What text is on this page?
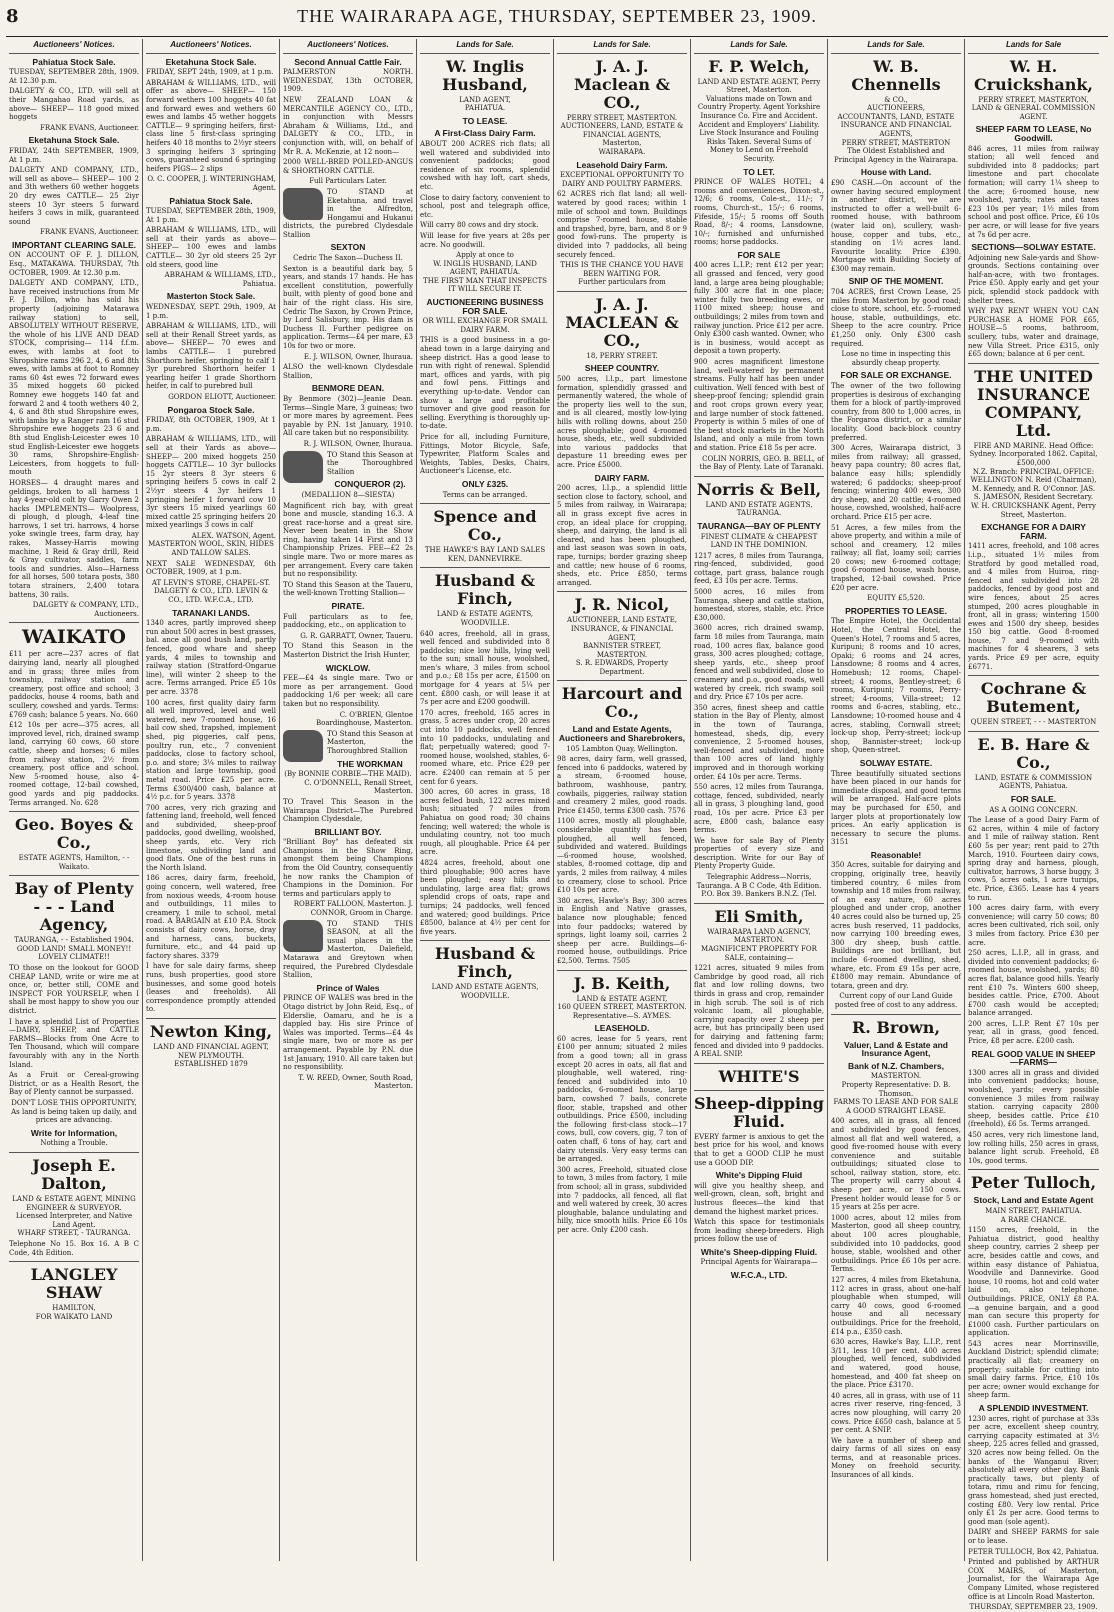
8	THE WAIRARAPA AGE, THURSDAY, SEPTEMBER 23, 1909.
Auctioneers' Notices.
Pahiatua Stock Sale.
TUESDAY, SEPTEMBER 28th, 1909. At 12.30 p.m.
DALGETY & CO., LTD. will sell at their Mangahao Road yards, as above— SHEEP— 118 good mixed hoggets
FRANK EVANS, Auctioneer.
Eketahuna Stock Sale.
FRIDAY, 24th SEPTEMBER, 1909, At 1 p.m.
DALGETY AND COMPANY, LTD., will sell as above— SHEEP— 100 2 and 3th wethers 60 wether hoggets 20 dry ewes CATTLE— 25 2iyr steers 10 3yr steers 5 forward heifers 3 cows in milk, guaranteed sound
FRANK EVANS, Auctioneer.
IMPORTANT CLEARING SALE.
ON ACCOUNT OF F. J. DILLON, Esq., MATAKAWA. THURSDAY, 7th OCTOBER, 1909. At 12.30 p.m.
DALGETY AND COMPANY, LTD., have received instructions from Mr F. J. Dillon, who has sold his property (adjoining Matarawa railway station) to sell, ABSOLUTELY WITHOUT RESERVE, the whole of his LIVE AND DEAD STOCK, comprising— 114 f.f.m. ewes, with lambs at foot to Shropshire rams 296 2, 4, 6 and 8th ewes, with lambs at foot to Romney rams 60 4st ewes 72 forward ewes 35 mixed hoggets 60 picked Romney ewe hoggets 140 fat and forward 2 and 4 tooth wethers 40 2, 4, 6 and 8th stud Shropshire ewes, with lambs by a Ranger ram 16 stud Shropshire ewe hoggets 23 6 and 8th stud English-Leicester ewes 10 stud English-Leicester ewe hoggets 30 rams, Shropshire-English-Leicesters, from hoggets to full-mouth
HORSES— 4 draught mares and geldings, broken to all harness 1 hay 4-year-old colt by Garry Owen 2 hacks IMPLEMENTS— Woolpress, di plough, d plough, 4-leaf tine harrows, 1 set tri. harrows, 4 horse yoke swingle trees, farm dray, hay rakes, Massey-Harris mowing machine, 1 Reid & Gray drill, Reid & Gray cultivator, saddles, farm tools and sundries. Also—Harness for all horses, 500 totara posts, 380 totara strainers, 2,400 totara battens, 30 rails.
DALGETY & COMPANY, LTD., Auctioneers.
WAIKATO
£11 per acre—237 acres of flat dairying land, nearly all ploughed and in grass; three miles from township, railway station and creamery, post office and school; 3 paddocks, house 4 rooms, bath and scullery, cowshed and yards. Terms: £769 cash; balance 5 years. No. 660
£12 10s per acre—375 acres, all improved level, rich, drained swamp land, carrying 60 cows, 60 store cattle, sheep and horses; 6 miles from railway station, 2½ from creamery, post office and school. New 5-roomed house, also 4-roomed cottage, 12-bail cowshed, good yards and pig paddocks. Terms arranged. No. 628
Geo. Boyes & Co.,
ESTATE AGENTS, Hamilton, - - Waikato.
Bay of Plenty - - - Land Agency,
TAURANGA, - - Established 1904.
GOOD LAND! SMALL MONEY!! LOVELY CLIMATE!!
TO those on the lookout for GOOD CHEAP LAND, write or wire me at once, or, better still, COME and INSPECT FOR YOURSELF, when I shall be most happy to show you our district.
I have a splendid List of Properties—DAIRY, SHEEP, and CATTLE FARMS—Blocks from One Acre to Ten Thousand, which will compare favourably with any in the North Island.
As a Fruit or Cereal-growing District, or as a Health Resort, the Bay of Plenty cannot be surpassed.
DON'T LOSE THIS OPPORTUNITY, As land is being taken up daily, and prices are advancing.
Write for Information,
Nothing a Trouble.
Joseph E. Dalton,
LAND & ESTATE AGENT, MINING ENGINEER & SURVEYOR.
Licensed Interpreter, and Native Land Agent.
WHARF STREET, - TAURANGA.
Telephone No 15. Box 16. A B C Code, 4th Edition.
LANGLEY SHAW
HAMILTON,
FOR WAIKATO LAND
Auctioneers' Notices.
Eketahuna Stock Sale.
FRIDAY, SEPT 24th, 1909, at 1 p.m.
ABRAHAM & WILLIAMS, LTD., will offer as above— SHEEP— 150 forward wethers 100 hoggets 40 fat and forward ewes and wethers 60 ewes and lambs 45 wether hoggets CATTLE— 9 springing heifers, first-class line 5 first-class springing heifers 40 18 months to 2½yr steers 3 springing heifers 3 springing cows, guaranteed sound 6 springing heifers PIGS— 2 slips
O. C. COOPER, J. WINTERINGHAM, Agent.
Pahiatua Stock Sale.
TUESDAY, SEPTEMBER 28th, 1909, At 1 p.m.
ABRAHAM & WILLIAMS, LTD., will sell at their yards as above— SHEEP— 100 ewes and lambs CATTLE— 30 2yr old steers 25 2yr old steers, good line
ABRAHAM & WILLIAMS, LTD., Pahiatua.
Masterton Stock Sale.
WEDNESDAY, SEPT. 29th, 1909, At 1 p.m.
ABRAHAM & WILLIAMS, LTD., will sell at their Renall Street yards, as above— SHEEP— 70 ewes and lambs CATTLE— 1 purebred Shorthorn heifer, springing to calf 1 3yr purebred Shorthorn heifer 1 yearling heifer 1 grade Shorthorn heifer, in calf to purebred bull
GORDON ELIOTT, Auctioneer.
Pongaroa Stock Sale.
FRIDAY, 8th OCTOBER, 1909, At 1 p.m.
ABRAHAM & WILLIAMS, LTD., will sell at their Yards as above— SHEEP— 200 mixed hoggets 250 hoggets CATTLE— 10 3yr bullocks 15 2yr steers 8 3yr steers 6 springing heifers 5 cows in calf 2 2½yr steers 4 3yr heifers 1 springing heifer 1 forward cow 10 3yr steers 15 mixed yearlings 60 mixed cattle 25 springing heifers 20 mixed yearlings 3 cows in calf
ALEX. WATSON, Agent.
MASTERTON WOOL, SKIN, HIDES AND TALLOW SALES.
NEXT SALE WEDNESDAY, 6th OCTOBER, 1909, at 1 p.m.
AT LEVIN'S STORE, CHAPEL-ST.
DALGETY & CO., LTD. LEVIN & CO., LTD. W.F.C.A., LTD.
TARANAKI LANDS.
1340 acres, partly improved sheep run about 500 acres in best grasses, bal. ance all good bush land, partly fenced, good whare and sheep yards, 4 miles to township and railway station (Stratford-Ongarue line), will winter 2 sheep to the acre. Terms arranged. Price £5 10s per acre. 3378
100 acres, first quality dairy farm all well improved, level and well watered, new 7-roomed house, 16 bail cow shed, trapshed, implement shed, pig piggeries, calf pens, poultry run, etc., 7 convenient paddocks, close to factory school, p.o. and store; 3¼ miles to railway station and large township, good metal road. Price £25 per acre. Terms £300/400 cash, balance at 4½ p.c. for 5 years. 3378
700 acres, very rich grazing and fattening land, freehold, well fenced and subdivided, sheep-proof paddocks, good dwelling, woolshed, sheep yards, etc. Very rich limestone, subdividing land and good flats. One of the best runs in the North Island.
186 acres, dairy farm, freehold, going concern, well watered, free from noxious weeds, 4-room house and outbuildings, 11 miles to creamery, 1 mile to school, metal road. A BARGAIN at £10 P.A. Stock consists of dairy cows, horse, dray and harness, cans, buckets, furniture, etc., and 44 paid up factory shares. 3379
I have for sale dairy farms, sheep runs, bush properties, good store businesses, and some good hotels (leases and freeholds). All correspondence promptly attended to.
Newton King,
LAND AND FINANCIAL AGENT, NEW PLYMOUTH.
ESTABLISHED 1879
Auctioneers' Notices.
Second Annual Cattle Fair.
PALMERSTON NORTH. WEDNESDAY, 13th OCTOBER, 1909.
NEW ZEALAND LOAN & MERCANTILE AGENCY CO., LTD., in conjunction with Messrs Abraham & Williams, Ltd., and DALGETY & CO., LTD., in conjunction with, will, on behalf of Mr R. A. McKenzie, at 12 noon—
2000 WELL-BRED POLLED-ANGUS & SHORTHORN CATTLE.
Full Particulars Later.
TO STAND at Eketahuna, and travel in the Alfredton, Hongamui and Hukanui districts, the purebred Clydesdale Stallion
SEXTON
Cedric The Saxon—Duchess II.
Sexton is a beautiful dark bay, 5 years, and stands 17 hands. He has excellent constitution, powerfully built, with plenty of good bone and hair of the right class. His sire, Cedric The Saxon, by Crown Prince, by Lord Salisbury, imp. His dam is Duchess II. Further pedigree on application. Terms—£4 per mare, £3 10s for two or more.
E. J. WILSON, Owner, Ihuraua.
ALSO the well-known Clydesdale Stallion,
BENMORE DEAN.
By Benmore (302)—Jeanie Dean. Terms—Single Mare, 3 guineas; two or more mares by agreement. Fees payable by P.N. 1st January, 1910. All care taken but no responsibility.
R. J. WILSON, Owner, Ihuraua.
TO Stand this Season at the Thoroughbred Stallion
CONQUEROR (2).
(MEDALLION 8—SIESTA)
Magnificent rich bay, with great bone and muscle, standing 16.3. A great race-horse and a great sire. Never been beaten in the Show ring, having taken 14 First and 13 Championship Prizes. FEE—£2 2s single mare. Two or more mares as per arrangement. Every care taken but no responsibility.
TO Stand this Season at the Taueru, the well-known Trotting Stallion—
PIRATE.
Full particulars as to fee, paddocking, etc., on application to
G. R. GARRATT, Owner, Taueru.
TO Stand this Season in the Masterton District the Irish Hunter,
WICKLOW.
FEE—£4 4s single mare. Two or more as per arrangement. Good paddocking 1/6 per week; all care taken but no responsibility.
C. O'BRIEN, Glentoe Boardinghouse, Masterton.
TO Stand this Season at Masterton, the Thoroughbred Stallion
THE WORKMAN
(By BONNIE CORBIE—THE MAID).
C. O'DONNELL, Renall Street, Masterton.
TO Travel This Season in the Wairarapa District—The Purebred Champion Clydesdale,
BRILLIANT BOY.
"Brilliant Boy" has defeated six Champions in the Show Ring, amongst them being Champions from the Old Country, consequently he now ranks the Champion of Champions in the Dominion. For terms and particulars apply to
ROBERT FALLOON, Masterton. J. CONNOR, Groom in Charge.
TO STAND THIS SEASON, at all the usual places in the Masterton, Dalefield, Matarawa and Greytown when required, the Purebred Clydesdale Stallion,
Prince of Wales
PRINCE OF WALES was bred in the Otago district by John Reid, Esq., of Elderslie, Oamaru, and he is a dappled bay. His sire Prince of Wales was imported. Terms—£4 4s single mare, two or more as per arrangement. Payable by P.N. due 1st January, 1910. All care taken but no responsibility.
T. W. REED, Owner, South Road, Masterton.
Lands for Sale.
W. Inglis Husband,
LAND AGENT,
PAHIATUA.
TO LEASE.
A First-Class Dairy Farm.
ABOUT 200 ACRES rich flats; all well watered and subdivided into convenient paddocks; good residence of six rooms, splendid cowshed with hay loft, cart sheds, etc.
Close to dairy factory, convenient to school, post and telegraph office, etc.
Will carry 80 cows and dry stock.
Will lease for five years at 28s per acre. No goodwill.
Apply at once to
W. INGLIS HUSBAND, LAND AGENT, PAHIATUA.
THE FIRST MAN THAT INSPECTS IT WILL SECURE IT.
AUCTIONEERING BUSINESS FOR SALE.
OR WILL EXCHANGE FOR SMALL DAIRY FARM.
THIS is a good business in a go-ahead town in a large dairying and sheep district. Has a good lease to run with right of renewal. Splendid mart, offices and yards, with pig and fowl pens. Fittings and everything up-to-date. Vendor can show a large and profitable turnover and give good reason for selling. Everything is thoroughly up-to-date.
Price for all, including Furniture, Fittings, Motor Bicycle, Safe, Typewriter, Platform Scales and Weights, Tables, Desks, Chairs, Auctioneer's License, etc.
ONLY £325.
Terms can be arranged.
Spence and Co.,
THE HAWKE'S BAY LAND SALES KEN, DANNEVIRKE.
Husband & Finch,
LAND & ESTATE AGENTS, WOODVILLE.
640 acres, freehold, all in grass, well fenced and subdivided into 8 paddocks; nice low hills, lying well to the sun; small house, woolshed, men's whare, 3 miles from school and p.o.; £8 15s per acre, £1500 on mortgage for 4 years at 5¼ per cent. £800 cash, or will lease it at 7s per acre and £200 goodwill.
170 acres, freehold, 165 acres in grass, 5 acres under crop, 20 acres cut into 10 paddocks, well fenced into 10 paddocks, undulating and flat; perpetually watered; good 7-roomed house, woolshed, stables, 6-roomed whare, etc. Price £29 per acre. £2400 can remain at 5 per cent for 6 years.
300 acres, 60 acres in grass, 18 acres felled bush, 122 acres mixed bush; situated 7 miles from Pahiatua on good road; 30 chains fencing; well watered; the whole is undulating country, not too much rough, all ploughable. Price £4 per acre.
4824 acres, freehold, about one third ploughable; 900 acres have been ploughed; easy hills and undulating, large area flat; grows splendid crops of oats, rape and turnips; 24 paddocks, well fenced and watered; good buildings. Price £8500, balance at 4½ per cent for five years.
Husband & Finch,
LAND AND ESTATE AGENTS, WOODVILLE.
Lands for Sale.
J. A. J. Maclean & CO.,
PERRY STREET, MASTERTON.
AUCTIONEERS, LAND, ESTATE & FINANCIAL AGENTS,
Masterton,
WAIRARAPA.
Leasehold Dairy Farm.
EXCEPTIONAL OPPORTUNITY TO DAIRY AND POULTRY FARMERS.
62 ACRES rich flat land; all well-watered by good races; within 1 mile of school and town. Buildings comprise 7-roomed house, stable and trapshed, byre, barn, and 8 or 9 good fowl-runs. The property is divided into 7 paddocks, all being securely fenced.
THIS IS THE CHANCE YOU HAVE BEEN WAITING FOR.
Further particulars from
J. A. J. MACLEAN & CO.,
18, PERRY STREET.
SHEEP COUNTRY.
500 acres, l.l.p., part limestone formation, splendidly grassed and permanently watered, the whole of the property lies well to the sun, and is all cleared, mostly low-lying hills with rolling downs, about 250 acres ploughable; good 4-roomed house, sheds, etc., well subdivided into various paddocks that depasture 11 breeding ewes per acre. Price £5000.
DAIRY FARM.
200 acres, l.l.p., a splendid little section close to factory, school, and 5 miles from railway, in Wairarapa; all in grass except five acres in crop, an ideal place for cropping, sheep, and dairying, the land is all cleared, and has been ploughed, and last season was sown in oats, rape, turnips; border grazing sheep and cattle; new house of 6 rooms, sheds, etc. Price £850, terms arranged.
J. R. Nicol,
AUCTIONEER, LAND ESTATE, INSURANCE, & FINANCIAL AGENT,
BANNISTER STREET, MASTERTON.
S. R. EDWARDS, Property Department.
Harcourt and Co.,
Land and Estate Agents, Auctioneers and Sharebrokers,
105 Lambton Quay, Wellington.
98 acres, dairy farm, well grassed, fenced into 6 paddocks, watered by a stream, 6-roomed house, bathroom, washhouse, pantry, cowbails, piggeries, railway station and creamery 2 miles, good roads. Price £1450, terms £300 cash. 7576
1100 acres, mostly all ploughable, considerable quantity has been ploughed, all well fenced, subdivided and watered. Buildings—6-roomed house, woolshed, stables, 8-roomed cottage, dip and yards, 2 miles from railway, 4 miles to creamery, close to school. Price £10 10s per acre.
380 acres, Hawke's Bay; 300 acres in English and Native grasses, balance now ploughable; fenced into four paddocks; watered by springs, light loamy soil, carries 2 sheep per acre. Buildings—6-roomed house, outbuildings. Price £2,500. Terms. 7505
J. B. Keith,
LAND & ESTATE AGENT,
160 QUEEN STREET, MASTERTON.
Representative—S. AYMES.
LEASEHOLD.
60 acres, lease for 5 years, rent £100 per annum; situated 2 miles from a good town; all in grass except 20 acres in oats, all flat and ploughable, well watered, ring-fenced and subdivided into 10 paddocks, 6-roomed house, large barn, cowshed 7 bails, concrete floor, stable, trapshed and other outbuildings. Price £500, including the following first-class stock—17 cows, bull, cow covers, gig, 7 ton of oaten chaff, 6 tons of hay, cart and dairy utensils. Very easy terms can be arranged.
300 acres, Freehold, situated close to town, 3 miles from factory, 1 mile from school; all in grass, subdivided into 7 paddocks, all fenced, all flat and well watered by creek, 30 acres ploughable, balance undulating and hilly, nice smooth hills. Price £6 10s per acre. Only £200 cash.
Lands for Sale.
F. P. Welch,
LAND AND ESTATE AGENT, Perry Street, Masterton.
Valuations made on Town and Country Property. Agent Yorkshire Insurance Co. Fire and Accident. Accident and Employers' Liability. Live Stock Insurance and Fouling Risks Taken. Several Sums of Money to Lend on Freehold Security.
TO LET.
PRINCE OF WALES HOTEL; 4 rooms and conveniences, Dixon-st., 12/6; 6 rooms, Cole-st., 11/-; 7 rooms, Church-st., 15/-; 6 rooms, Fifeside, 15/-; 5 rooms off South Road, 8/-; 4 rooms, Lansdowne, 10/-; furnished and unfurnished rooms; horse paddocks.
FOR SALE
400 acres L.I.P.; rent £12 per year; all grassed and fenced, very good land, a large area being ploughable; fully 300 acre flat in one place; winter fully two breeding ewes, or 1100 mixed sheep; house and outbuildings; 2 miles from town and railway junction. Price £12 per acre. Only £300 cash wanted. Owner, who is in business, would accept as deposit a town property.
900 acres magnificent limestone land, well-watered by permanent streams. Fully half has been under cultivation. Well fenced with best of sheep-proof fencing; splendid grain and root crops grown every year, and large number of stock fattened. Property is within 5 miles of one of the best stock markets in the North Island, and only a mile from town and station. Price £18 5s per acre.
COLIN NORRIS, GEO. B. BELL, of the Bay of Plenty. Late of Taranaki.
Norris & Bell,
LAND AND ESTATE AGENTS, TAURANGA.
TAURANGA—BAY OF PLENTY
FINEST CLIMATE & CHEAPEST LAND IN THE DOMINION.
1217 acres, 8 miles from Tauranga, ring-fenced, subdivided, good cottage, part grass, balance rough feed, £3 10s per acre. Terms.
5000 acres, 16 miles from Tauranga, sheep and cattle station, homestead, stores, stable, etc. Price £30,000.
3600 acres, rich drained swamp, farm 18 miles from Tauranga, main road, 100 acres flax, balance good grass, 300 acres ploughed; cottage, sheep yards, etc., sheep proof fenced and well subdivided, close to creamery and p.o., good roads, well watered by creek, rich swamp soil and dry. Price £7 10s per acre.
350 acres, finest sheep and cattle station in the Bay of Plenty, almost in the town of Tauranga, homestead, sheds, dip, every convenience, 2 5-roomed houses, well-fenced and subdivided, more than 100 acres of land highly improved and in thorough working order. £4 10s per acre. Terms.
550 acres, 12 miles from Tauranga, cottage, fenced, subdivided, nearly all in grass, 3 ploughing land, good road, 10s per acre. Price £3 per acre, £800 cash, balance easy terms.
We have for sale Bay of Plenty properties of every size and description. Write for our Bay of Plenty Property Guide.
Telegraphic Address—Norris, Tauranga. A B C Code, 4th Edition.
P.O. Box 39. Bankers B.N.Z. (Tel.
Eli Smith,
WAIRARAPA LAND AGENCY, MASTERTON.
MAGNIFICENT PROPERTY FOR SALE, containing—
1221 acres, situated 9 miles from Cambridge by good road, all rich flat and low rolling downs, two thirds in grass and crop, remainder in high scrub. The soil is of rich volcanic loam, all ploughable, carrying capacity over 2 sheep per acre, but has principally been used for dairying and fattening farm; fenced and divided into 9 paddocks. A REAL SNIP.
WHITE'S
Sheep-dipping Fluid.
EVERY farmer is anxious to get the best price for his wool, and knows that to get a GOOD CLIP he must use a GOOD DIP.
White's Dipping Fluid
will give you healthy sheep, and well-grown, clean, soft, bright and lustrous fleeces—the kind that demand the highest market prices.
Watch this space for testimonials from leading sheep-breeders. High prices follow the use of
White's Sheep-dipping Fluid.
Principal Agents for Wairarapa—
W.F.C.A., LTD.
Lands for Sale.
W. B. Chennells
& CO.,
AUCTIONEERS,
ACCOUNTANTS, LAND, ESTATE INSURANCE AND FINANCIAL AGENTS,
PERRY STREET, MASTERTON
The Oldest Established and Principal Agency in the Wairarapa.
House with Land.
£90 CASH.—On account of the owner having secured employment in another district, we are instructed to offer a well-built 6-roomed house, with bathroom (water laid on), scullery, wash-house, copper and tubs, etc., standing on 1½ acres land. Favourite locality. Price £390. Mortgage with Building Society of £300 may remain.
SNIP OF THE MOMENT.
704 ACRES, first Crown Lease, 25 miles from Masterton by good road; close to store, school, etc. 5-roomed house, stable, outbuildings, etc. Sheep to the acre country. Price £1,250 only. Only £300 cash required.
Lose no time in inspecting this absurdly cheap property.
FOR SALE OR EXCHANGE.
The owner of the two following properties is desirous of exchanging them for a block of partly-improved country, from 800 to 1,000 acres, in the Forgaroa district, or a similar locality. Good back-block country preferred.
300 Acres, Wairarapa district, 3 miles from railway; all grassed, heavy papa country; 80 acres flat, balance easy hills; splendidly watered; 6 paddocks; sheep-proof fencing; wintering 400 ewes, 300 dry sheep, and 20 cattle; 4-roomed house, cowshed, woolshed, half-acre orchard. Price £15 per acre.
51 Acres, a few miles from the above property, and within a mile of school and creamery, 12 miles railway; all flat, loamy soil; carries 20 cows; new 6-roomed cottage; good 6-roomed house, wash house, trapshed, 12-bail cowshed. Price £20 per acre.
EQUITY £5,520.
PROPERTIES TO LEASE.
The Empire Hotel, the Occidental Hotel, the Central Hotel, the Queen's Hotel, 7 rooms and 5 acres, Kuripuni; 8 rooms and 10 acres, Opaki; 6 rooms and 24 acres, Lansdowne; 8 rooms and 4 acres, Homebush; 12 rooms, Chapel-street; 4 rooms, Bentley-street; 6 rooms, Kuripuni; 7 rooms, Perry-street; 4-rooms, Villa-street; 12 rooms and 6-acres, stabling, etc., Lansdowne; 10-roomed house and 4 acres, stabling, Cornwall street; lock-up shop, Perry-street; lock-up shop, Bannister-street; lock-up shop, Queen-street.
SOLWAY ESTATE.
Three beautifully situated sections have been placed in our hands for immediate disposal, and good terms will be arranged. Half-acre plots may be purchased for £50, and larger plots at proportionately low prices. An early application is necessary to secure the plums. 3151
Reasonable!
350 Acres, suitable for dairying and cropping, originally tree, heavily timbered country, 6 miles from township and 18 miles from railway, of an easy nature, 60 acres ploughed and under crop, another 40 acres could also be turned up, 25 acres bush reserved, 11 paddocks, now carrying 100 breeding ewes, 300 dry sheep, bush cattle. Buildings are not brilliant, but include 6-roomed dwelling, shed, whare, etc. From £9 15s per acre, £1800 may remain. Abundance of totara, green and dry.
Current copy of our Land Guide posted free of cost to any address.
R. Brown,
Valuer, Land & Estate and Insurance Agent,
Bank of N.Z. Chambers,
MASTERTON.
Property Representative: D. B. Thomson.
FARMS TO LEASE AND FOR SALE A GOOD STRAIGHT LEASE.
400 acres, all in grass, all fenced and subdivided by good fences, almost all flat and well watered, a good five-roomed house with every convenience and suitable outbuildings; situated close to school, railway station, store, etc. The property will carry about 4 sheep per acre, or 150 cows. Present holder would lease for 5 or 15 years at 25s per acre.
1000 acres, about 12 miles from Masterton, good all sheep country, about 100 acres ploughable, subdivided into 10 paddocks, good house, stable, woolshed and other outbuildings. Price £6 10s per acre. Terms.
127 acres, 4 miles from Eketahuna, 112 acres in grass, about one-half ploughable when stumped, will carry 40 cows, good 6-roomed house and all necessary outbuildings. Price for the freehold, £14 p.a., £350 cash.
630 acres, Hawke's Bay, L.I.P., rent 3/11, less 10 per cent. 400 acres ploughed, well fenced, subdivided and watered, good house, homestead, and 400 fat sheep on the place. Price £3170.
40 acres, all in grass, with use of 11 acres river reserve, ring-fenced, 3 acres now ploughing, will carry 20 cows. Price £650 cash, balance at 5 per cent. A SNIP.
We have a number of sheep and dairy farms of all sizes on easy terms, and at reasonable prices. Money on freehold security. Insurances of all kinds.
Lands for Sale
W. H. Cruickshank,
PERRY STREET, MASTERTON, LAND & GENERAL COMMISSION AGENT.
SHEEP FARM TO LEASE, No Goodwill.
846 acres, 11 miles from railway station; all well fenced and subdivided into 8 paddocks; part limestone and part chocolate formation; will carry 1¼ sheep to the acre; 6-roomed house, new woolshed, yards; rates and taxes £23 10s per year; 1½ miles from school and post office. Price, £6 10s per acre, or will lease for five years at 7s 6d per acre.
SECTIONS—SOLWAY ESTATE.
Adjoining new Sale-yards and Show-grounds. Sections containing over half-an-acre, with two frontages. Price £50. Apply early and get your pick, splendid stock paddock with shelter trees.
WHY PAY RENT WHEN YOU CAN PURCHASE A HOME FOR £65, HOUSE—5 rooms, bathroom, scullery, tubs, water and drainage, new Villa Street. Price £315, only £65 down; balance at 6 per cent.
THE UNITED INSURANCE COMPANY, Ltd.
FIRE AND MARINE. Head Office: Sydney. Incorporated 1862. Capital, £500,000
N.Z. Branch: PRINCIPAL OFFICE: WELLINGTON N. Reid (Chairman), M. Kennedy, and R. O'Connor. JAS. S. JAMESON, Resident Secretary.
W. H. CRUICKSHANK Agent, Perry Street, Masterton.
EXCHANGE FOR A DAIRY FARM.
1411 acres, freehold, and 108 acres l.i.p., situated 1½ miles from Stratford by good metalled road, and 4 miles from Huiroa, ring-fenced and subdivided into 28 paddocks, fenced by good post and wire fences, about 25 acres stumped, 200 acres ploughable in front, all in grass; wintering 1500 ewes and 1500 dry sheep, besides 150 big cattle. Good 8-roomed house, 7 and 9-roomed with machines for 4 shearers, 3 sets yards. Price £9 per acre, equity £6771.
Cochrane & Butement,
QUEEN STREET, - - - MASTERTON
E. B. Hare & Co.,
LAND, ESTATE & COMMISSION AGENTS, Pahiatua.
FOR SALE.
AS A GOING CONCERN.
The Lease of a good Dairy Farm of 62 acres, within 4 mile of factory and 1 mile of railway station. Rent £60 5s per year; rent paid to 27th March, 1910. Fourteen dairy cows, spring dray and harness, plough, cultivator, harrows, 3 horse buggy, 3 cows, 5 acres oats, 1 acre turnips, etc. Price, £365. Lease has 4 years to run.
100 acres dairy farm, with every convenience; will carry 50 cows; 80 acres been cultivated, rich soil, only 3 miles from factory. Price £30 per acre.
250 acres, L.I.P., all in grass, and divided into convenient paddocks; 6-roomed house, woolshed, yards; 80 acres flat, balance good hills. Yearly rent £10 7s. Winters 600 sheep, besides cattle. Price, £700. About £700 cash would be accepted; balance arranged.
200 acres, L.I.P. Rent £7 10s per year, all in grass, good fenced. Price, £8 per acre. £200 cash.
REAL GOOD VALUE IN SHEEP —FARMS—
1300 acres all in grass and divided into convenient paddocks; house, woolshed, yards; every possible convenience 3 miles from railway station. carrying capacity 2800 sheep, besides cattle. Price £10 (freehold), £6 5s. Terms arranged.
450 acres, very rich limestone land, low rolling hills, 250 acres in grass, balance light scrub. Freehold, £8 10s, good terms.
Peter Tulloch,
Stock, Land and Estate Agent
MAIN STREET, PAHIATUA.
A RARE CHANCE.
1150 acres, freehold, in the Pahiatua district, good healthy sheep country, carries 2 sheep per acre, besides cattle and cows, and within easy distance of Pahiatua, Woodville and Dannevirke. Good house, 10 rooms, hot and cold water laid on, also telephone. Outbuildings. PRICE, ONLY £8 P.A.—a genuine bargain, and a good man can secure this property for £1000 cash. Further particulars on application.
543 acres near Morrinsville, Auckland District; splendid climate; practically all flat; creamery on property; suitable for cutting into small dairy farms. Price, £10 10s per acre; owner would exchange for sheep farm.
A SPLENDID INVESTMENT.
1230 acres, right of purchase at 33s per acre, excellent sheep country, carrying capacity estimated at 3½ sheep, 225 acres felled and grassed, 320 acres now being felled. On the banks of the Wanganui River; absolutely all every other day. Bank practically taws, but plenty of totara, rimu and rimu for fencing, grass homestead, shed just erected, costing £80. Very low rental. Price only £1 2s per acre. Good terms to good man (sole agent).
DAIRY and SHEEP FARMS for sale or to lease.
PETER TULLOCH, Box 42, Pahiatua.
Printed and published by ARTHUR COX MAIRS, of Masterton, Journalist, for the Wairarapa Age Company Limited, whose registered office is at Lincoln Road Masterton.
THURSDAY, SEPTEMBER 23, 1909.
